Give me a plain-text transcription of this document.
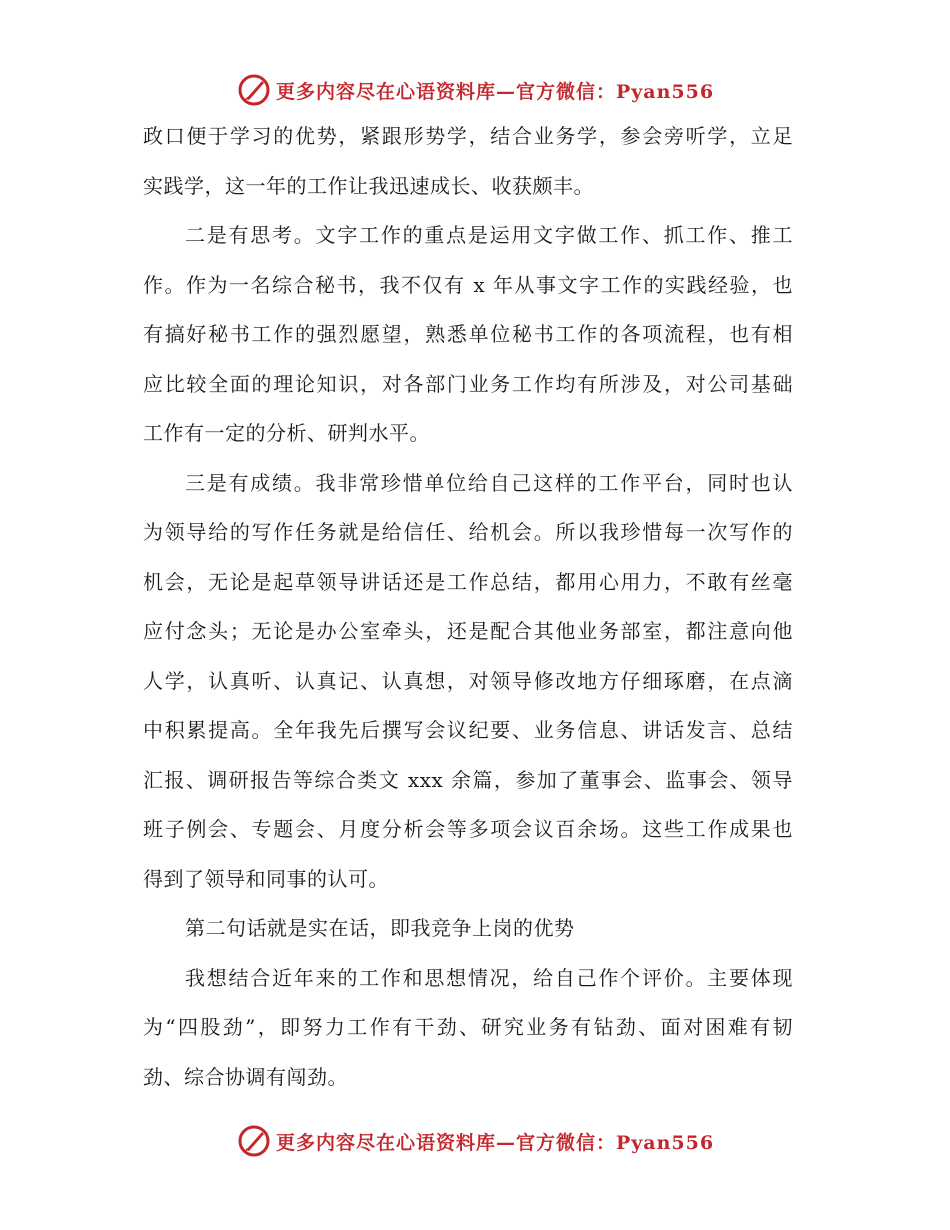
更多内容尽在心语资料库—官方微信：Pyan556
政口便于学习的优势，紧跟形势学，结合业务学，参会旁听学，立足
实践学，这一年的工作让我迅速成长、收获颇丰。
二是有思考。文字工作的重点是运用文字做工作、抓工作、推工
作。作为一名综合秘书，我不仅有 x 年从事文字工作的实践经验，也
有搞好秘书工作的强烈愿望，熟悉单位秘书工作的各项流程，也有相
应比较全面的理论知识，对各部门业务工作均有所涉及，对公司基础
工作有一定的分析、研判水平。
三是有成绩。我非常珍惜单位给自己这样的工作平台，同时也认
为领导给的写作任务就是给信任、给机会。所以我珍惜每一次写作的
机会，无论是起草领导讲话还是工作总结，都用心用力，不敢有丝毫
应付念头；无论是办公室牵头，还是配合其他业务部室，都注意向他
人学，认真听、认真记、认真想，对领导修改地方仔细琢磨，在点滴
中积累提高。全年我先后撰写会议纪要、业务信息、讲话发言、总结
汇报、调研报告等综合类文 xxx 余篇，参加了董事会、监事会、领导
班子例会、专题会、月度分析会等多项会议百余场。这些工作成果也
得到了领导和同事的认可。
第二句话就是实在话，即我竞争上岗的优势
我想结合近年来的工作和思想情况，给自己作个评价。主要体现
为“四股劲”，即努力工作有干劲、研究业务有钻劲、面对困难有韧
劲、综合协调有闯劲。
更多内容尽在心语资料库—官方微信：Pyan556
